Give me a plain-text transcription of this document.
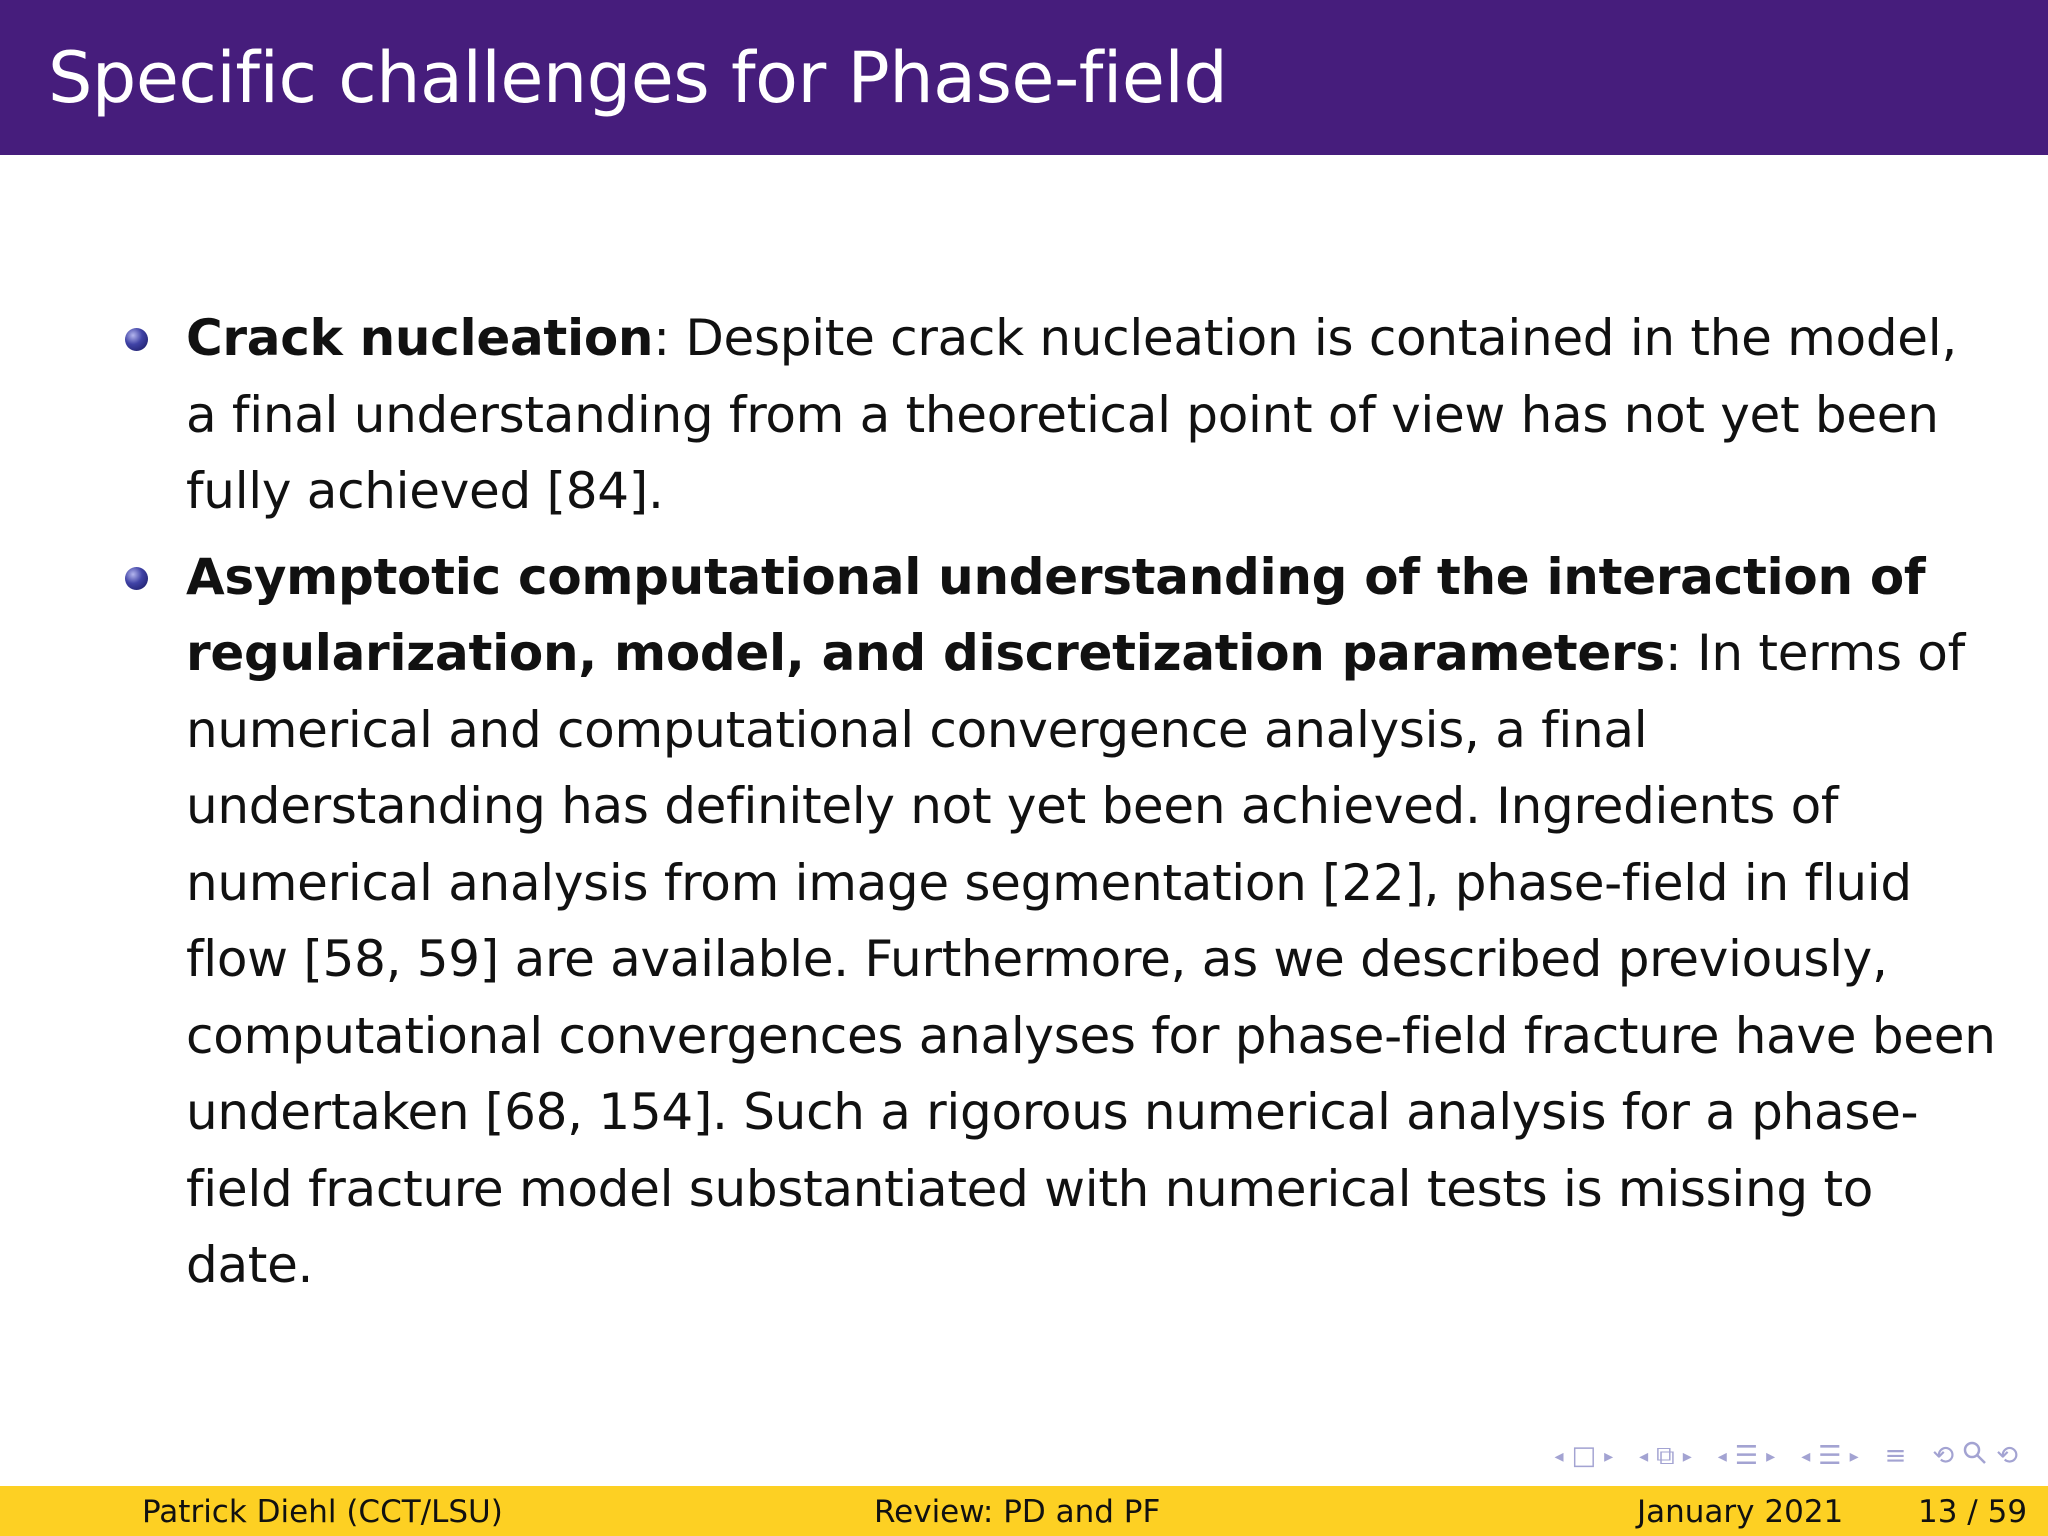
Specific challenges for Phase-field
Crack nucleation: Despite crack nucleation is contained in the model, a final understanding from a theoretical point of view has not yet been fully achieved [84].
Asymptotic computational understanding of the interaction of regularization, model, and discretization parameters: In terms of numerical and computational convergence analysis, a final understanding has definitely not yet been achieved. Ingredients of numerical analysis from image segmentation [22], phase-field in fluid flow [58, 59] are available. Furthermore, as we described previously, computational convergences analyses for phase-field fracture have been undertaken [68, 154]. Such a rigorous numerical analysis for a phase-field fracture model substantiated with numerical tests is missing to date.
◂ □ ▸ ◂ ⧉ ▸ ◂ ☰ ▸ ◂ ☰ ▸ ≡ ⟲ ⟲
Patrick Diehl (CCT/LSU)	Review: PD and PF	January 2021 13 / 59
